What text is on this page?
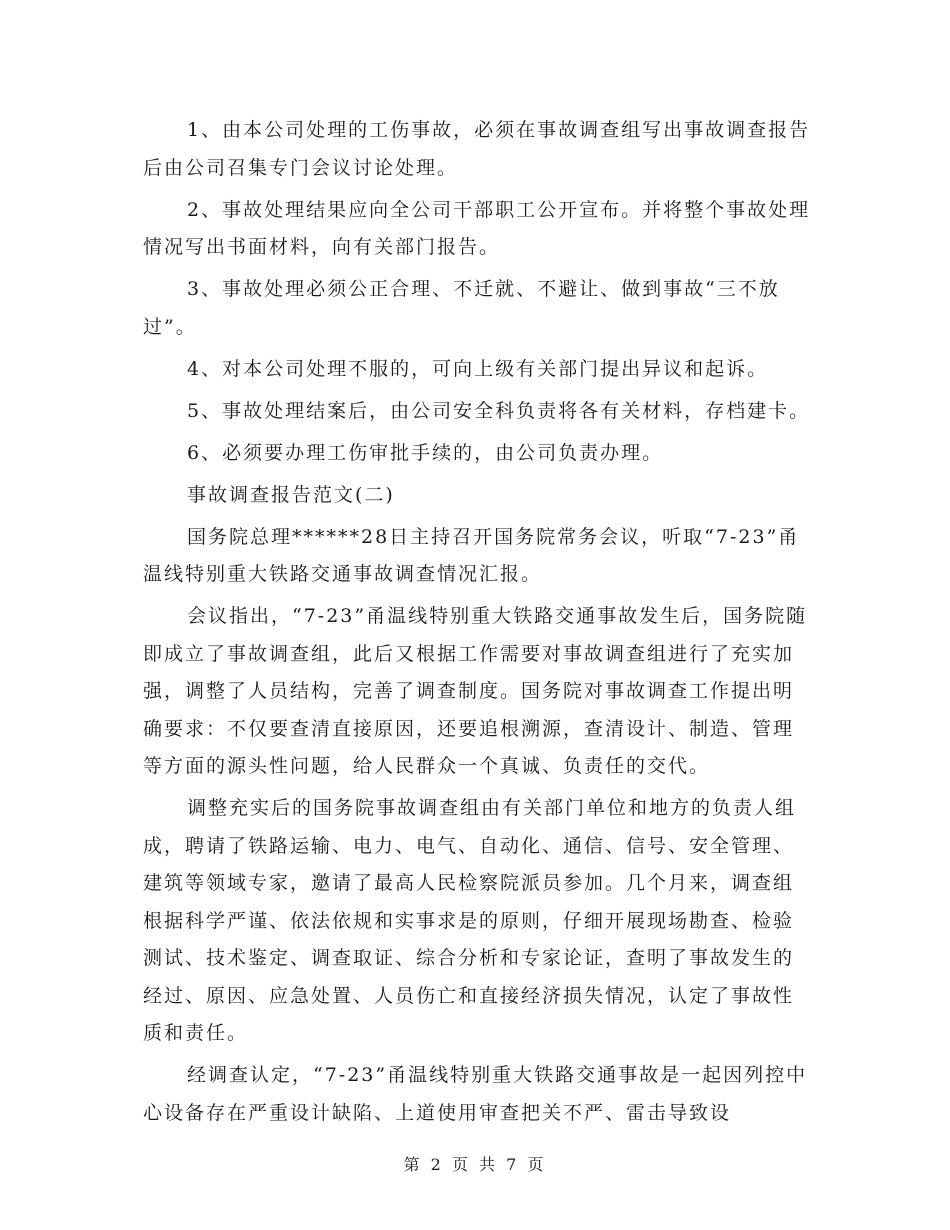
1、由本公司处理的工伤事故，必须在事故调查组写出事故调查报告后由公司召集专门会议讨论处理。

2、事故处理结果应向全公司干部职工公开宣布。并将整个事故处理情况写出书面材料，向有关部门报告。

3、事故处理必须公正合理、不迁就、不避让、做到事故“三不放过”。

4、对本公司处理不服的，可向上级有关部门提出异议和起诉。

5、事故处理结案后，由公司安全科负责将各有关材料，存档建卡。

6、必须要办理工伤审批手续的，由公司负责办理。

事故调查报告范文(二)

国务院总理******28日主持召开国务院常务会议，听取“7-23”甬温线特别重大铁路交通事故调查情况汇报。

会议指出，“7-23”甬温线特别重大铁路交通事故发生后，国务院随即成立了事故调查组，此后又根据工作需要对事故调查组进行了充实加强，调整了人员结构，完善了调查制度。国务院对事故调查工作提出明确要求：不仅要查清直接原因，还要追根溯源，查清设计、制造、管理等方面的源头性问题，给人民群众一个真诚、负责任的交代。

调整充实后的国务院事故调查组由有关部门单位和地方的负责人组成，聘请了铁路运输、电力、电气、自动化、通信、信号、安全管理、建筑等领域专家，邀请了最高人民检察院派员参加。几个月来，调查组根据科学严谨、依法依规和实事求是的原则，仔细开展现场勘查、检验测试、技术鉴定、调查取证、综合分析和专家论证，查明了事故发生的经过、原因、应急处置、人员伤亡和直接经济损失情况，认定了事故性质和责任。

经调查认定，“7-23”甬温线特别重大铁路交通事故是一起因列控中心设备存在严重设计缺陷、上道使用审查把关不严、雷击导致设

第 2 页 共 7 页
